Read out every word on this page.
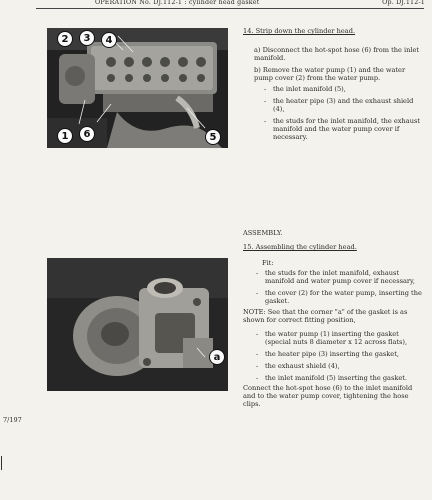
OPERATION No. DJ.112-1 : cylinder head gasket	Op. DJ.112-1
2	3	4
1	6	5
14. Strip down the cylinder head.
a) Disconnect the hot-spot hose (6) from the inlet manifold.
b) Remove the water pump (1) and the water pump cover (2) from the water pump.
- the inlet manifold (5),
- the heater pipe (3) and the exhaust shield (4),
- the studs for the inlet manifold, the exhaust manifold and the water pump cover if necessary.
ASSEMBLY.
15. Assembling the cylinder head.
Fit:
- the studs for the inlet manifold, exhaust manifold and water pump cover if necessary,
- the cover (2) for the water pump, inserting the gasket.
NOTE: See that the corner "a" of the gasket is as shown for correct fitting position,
- the water pump (1) inserting the gasket (special nuts 8 diameter x 12 across flats),
- the heater pipe (3) inserting the gasket,
- the exhaust shield (4),
- the inlet manifold (5) inserting the gasket.
Connect the hot-spot hose (6) to the inlet manifold and to the water pump cover, tightening the hose clips.
a
7/197
